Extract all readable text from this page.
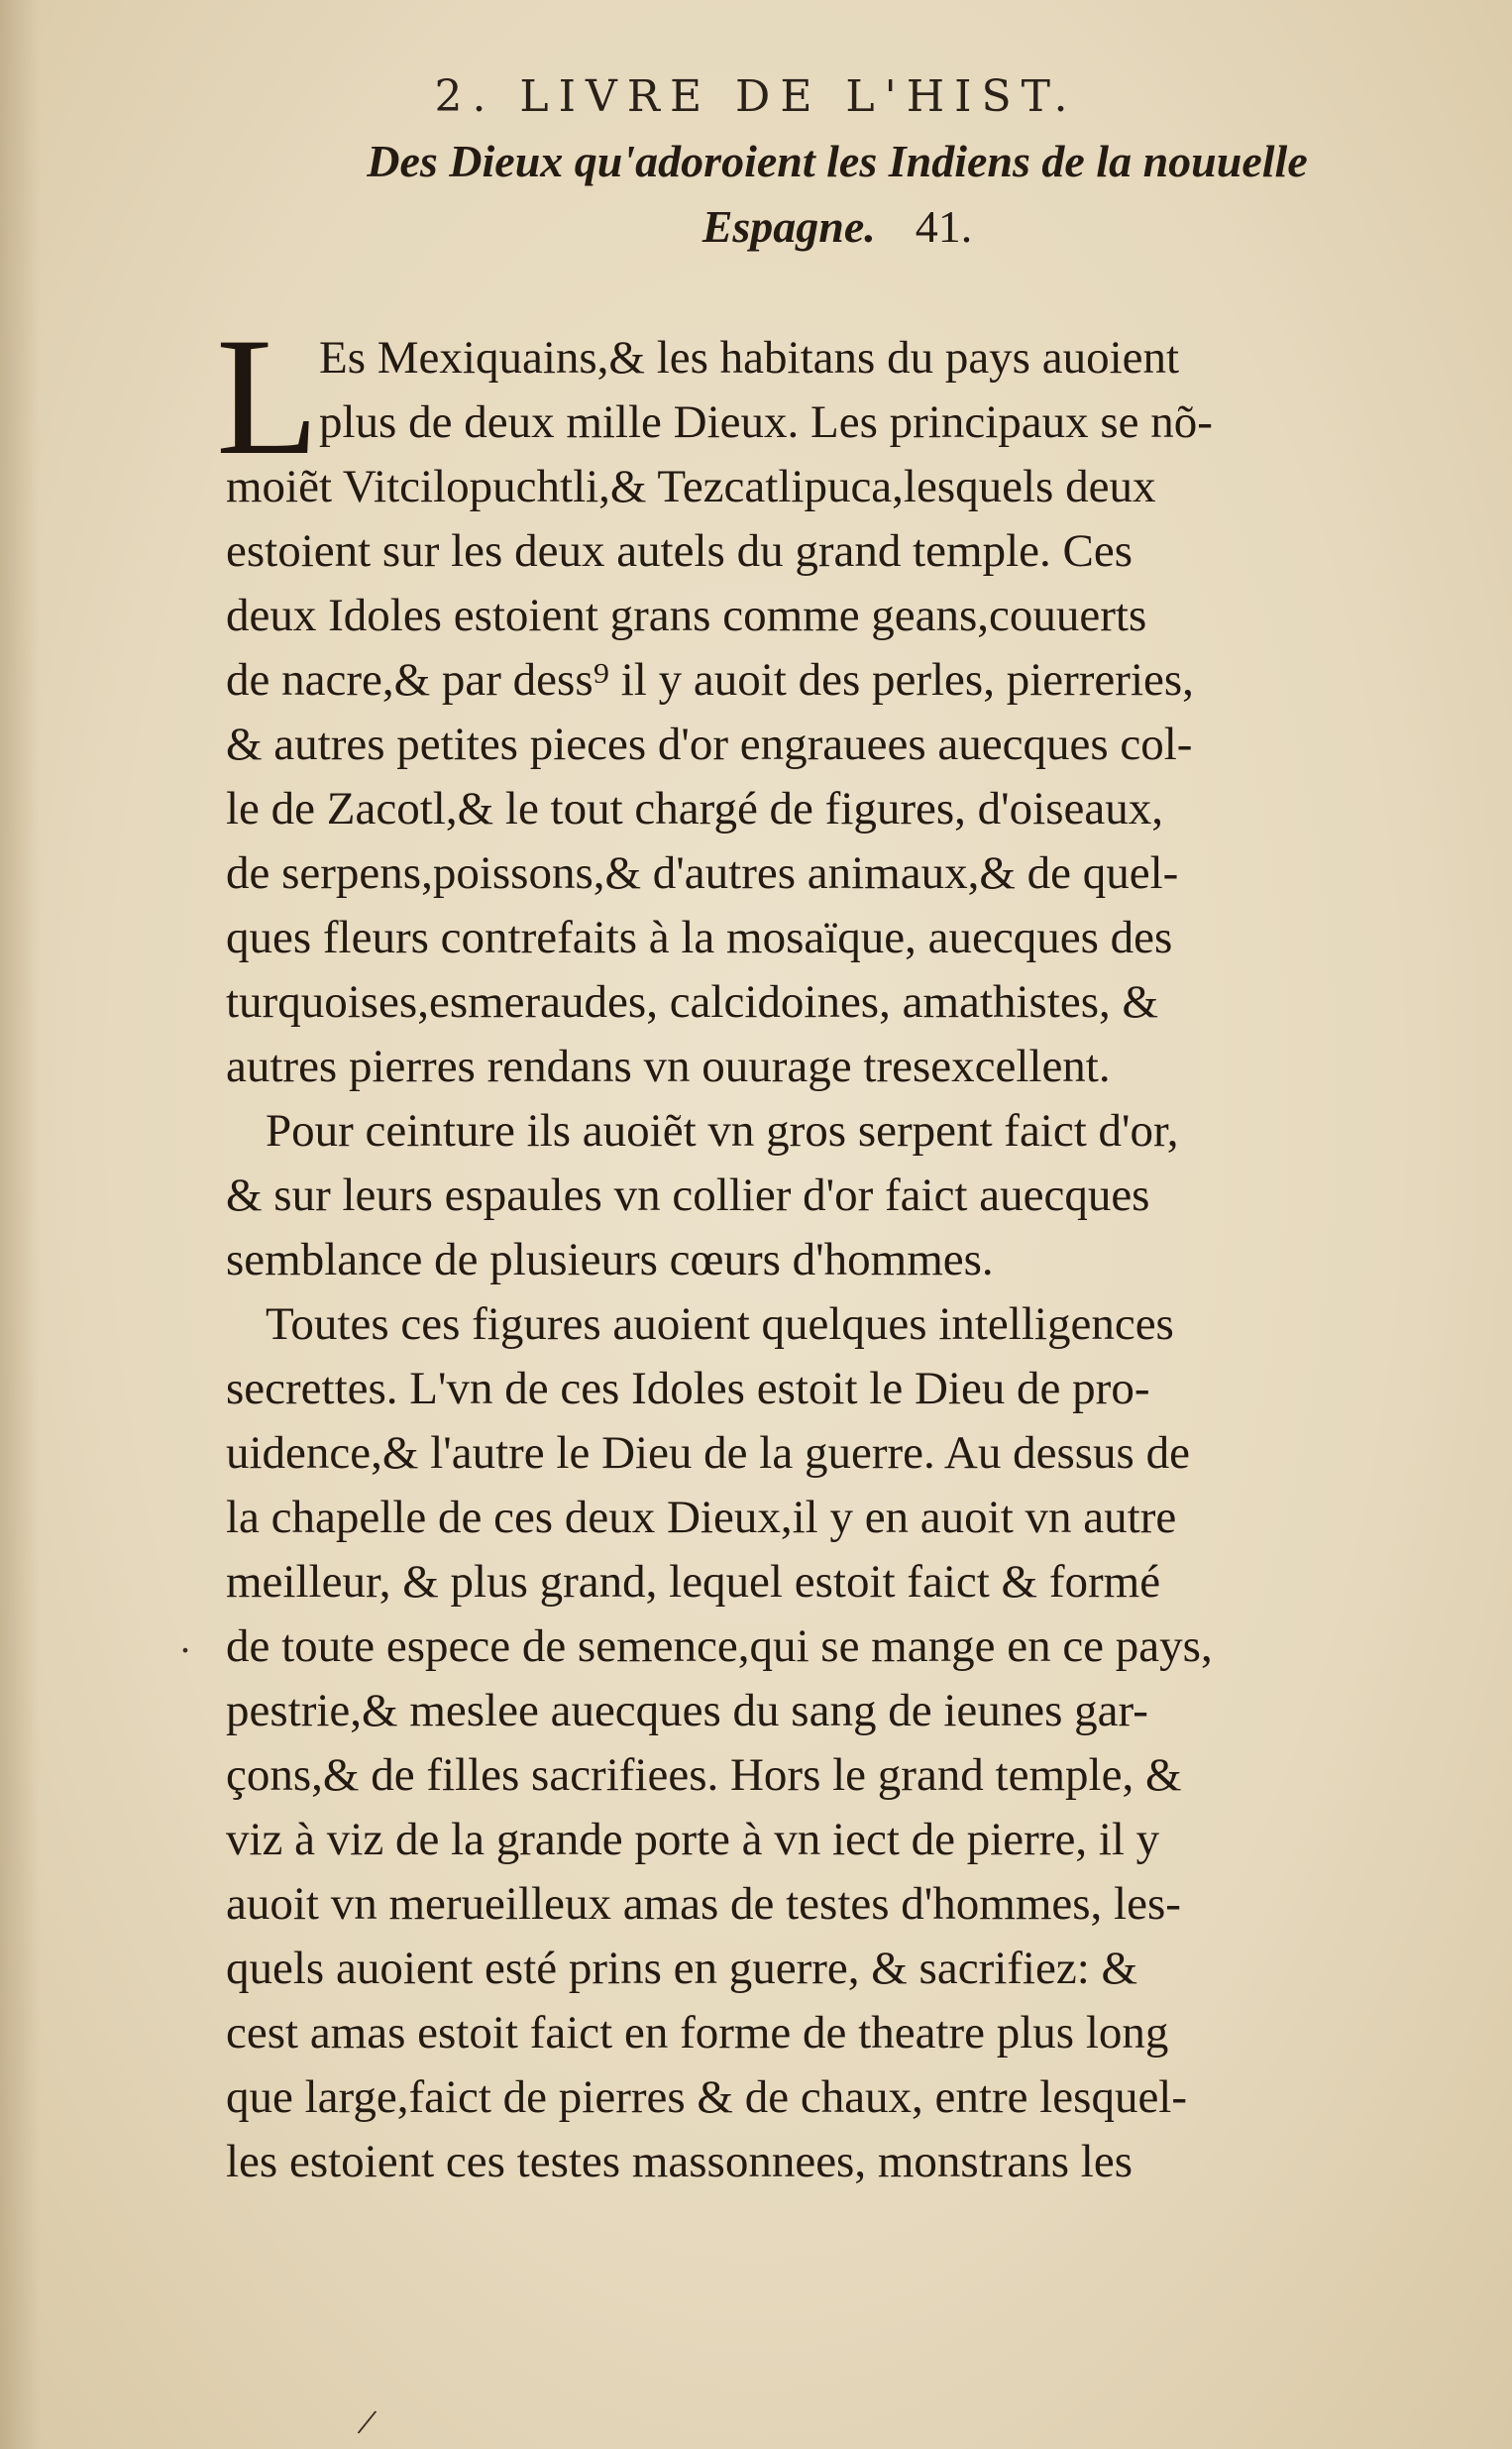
2. LIVRE DE L'HIST.
Des Dieux qu'adoroient les Indiens de la nouuelle
Espagne. 41.
L Es Mexiquains,& les habitans du pays auoient
plus de deux mille Dieux. Les principaux se nõ-
moiẽt Vitcilopuchtli,& Tezcatlipuca,lesquels deux
estoient sur les deux autels du grand temple. Ces
deux Idoles estoient grans comme geans,couuerts
de nacre,& par dess⁹ il y auoit des perles, pierreries,
& autres petites pieces d'or engrauees auecques col-
le de Zacotl,& le tout chargé de figures, d'oiseaux,
de serpens,poissons,& d'autres animaux,& de quel-
ques fleurs contrefaits à la mosaïque, auecques des
turquoises,esmeraudes, calcidoines, amathistes, &
autres pierres rendans vn ouurage tresexcellent.
Pour ceinture ils auoiẽt vn gros serpent faict d'or,
& sur leurs espaules vn collier d'or faict auecques
semblance de plusieurs cœurs d'hommes.
Toutes ces figures auoient quelques intelligences
secrettes. L'vn de ces Idoles estoit le Dieu de pro-
uidence,& l'autre le Dieu de la guerre. Au dessus de
la chapelle de ces deux Dieux,il y en auoit vn autre
meilleur, & plus grand, lequel estoit faict & formé
de toute espece de semence,qui se mange en ce pays,
pestrie,& meslee auecques du sang de ieunes gar-
çons,& de filles sacrifiees. Hors le grand temple, &
viz à viz de la grande porte à vn iect de pierre, il y
auoit vn merueilleux amas de testes d'hommes, les-
quels auoient esté prins en guerre, & sacrifiez: &
cest amas estoit faict en forme de theatre plus long
que large,faict de pierres & de chaux, entre lesquel-
les estoient ces testes massonnees, monstrans les
.
/
